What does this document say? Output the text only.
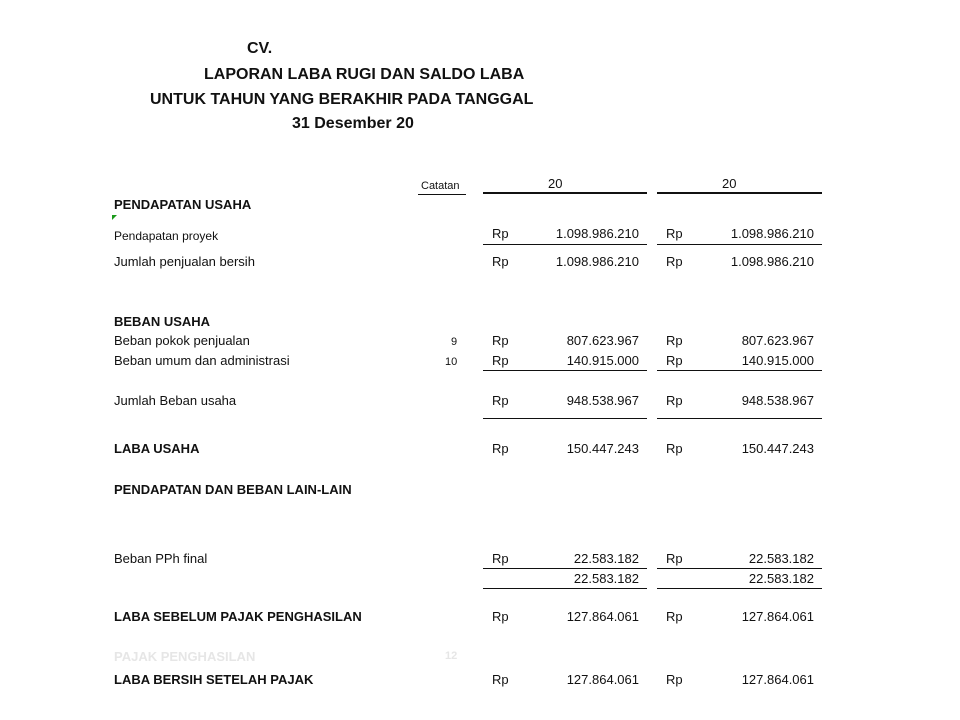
CV.
LAPORAN LABA RUGI DAN SALDO LABA
UNTUK TAHUN YANG BERAKHIR PADA TANGGAL
31 Desember 20
Catatan	20	20
PENDAPATAN USAHA
Pendapatan proyek	Rp	1.098.986.210 Rp	1.098.986.210
Jumlah penjualan bersih	Rp	1.098.986.210 Rp	1.098.986.210
BEBAN USAHA
Beban pokok penjualan	9	Rp	807.623.967 Rp	807.623.967
Beban umum dan administrasi	10	Rp	140.915.000 Rp	140.915.000
Jumlah Beban usaha	Rp	948.538.967 Rp	948.538.967
LABA USAHA	Rp	150.447.243 Rp	150.447.243
PENDAPATAN DAN BEBAN LAIN-LAIN
Beban PPh final	Rp	22.583.182 Rp	22.583.182
22.583.182	22.583.182
LABA SEBELUM PAJAK PENGHASILAN	Rp	127.864.061 Rp	127.864.061
PAJAK PENGHASILAN	12
LABA BERSIH SETELAH PAJAK	Rp	127.864.061 Rp	127.864.061
